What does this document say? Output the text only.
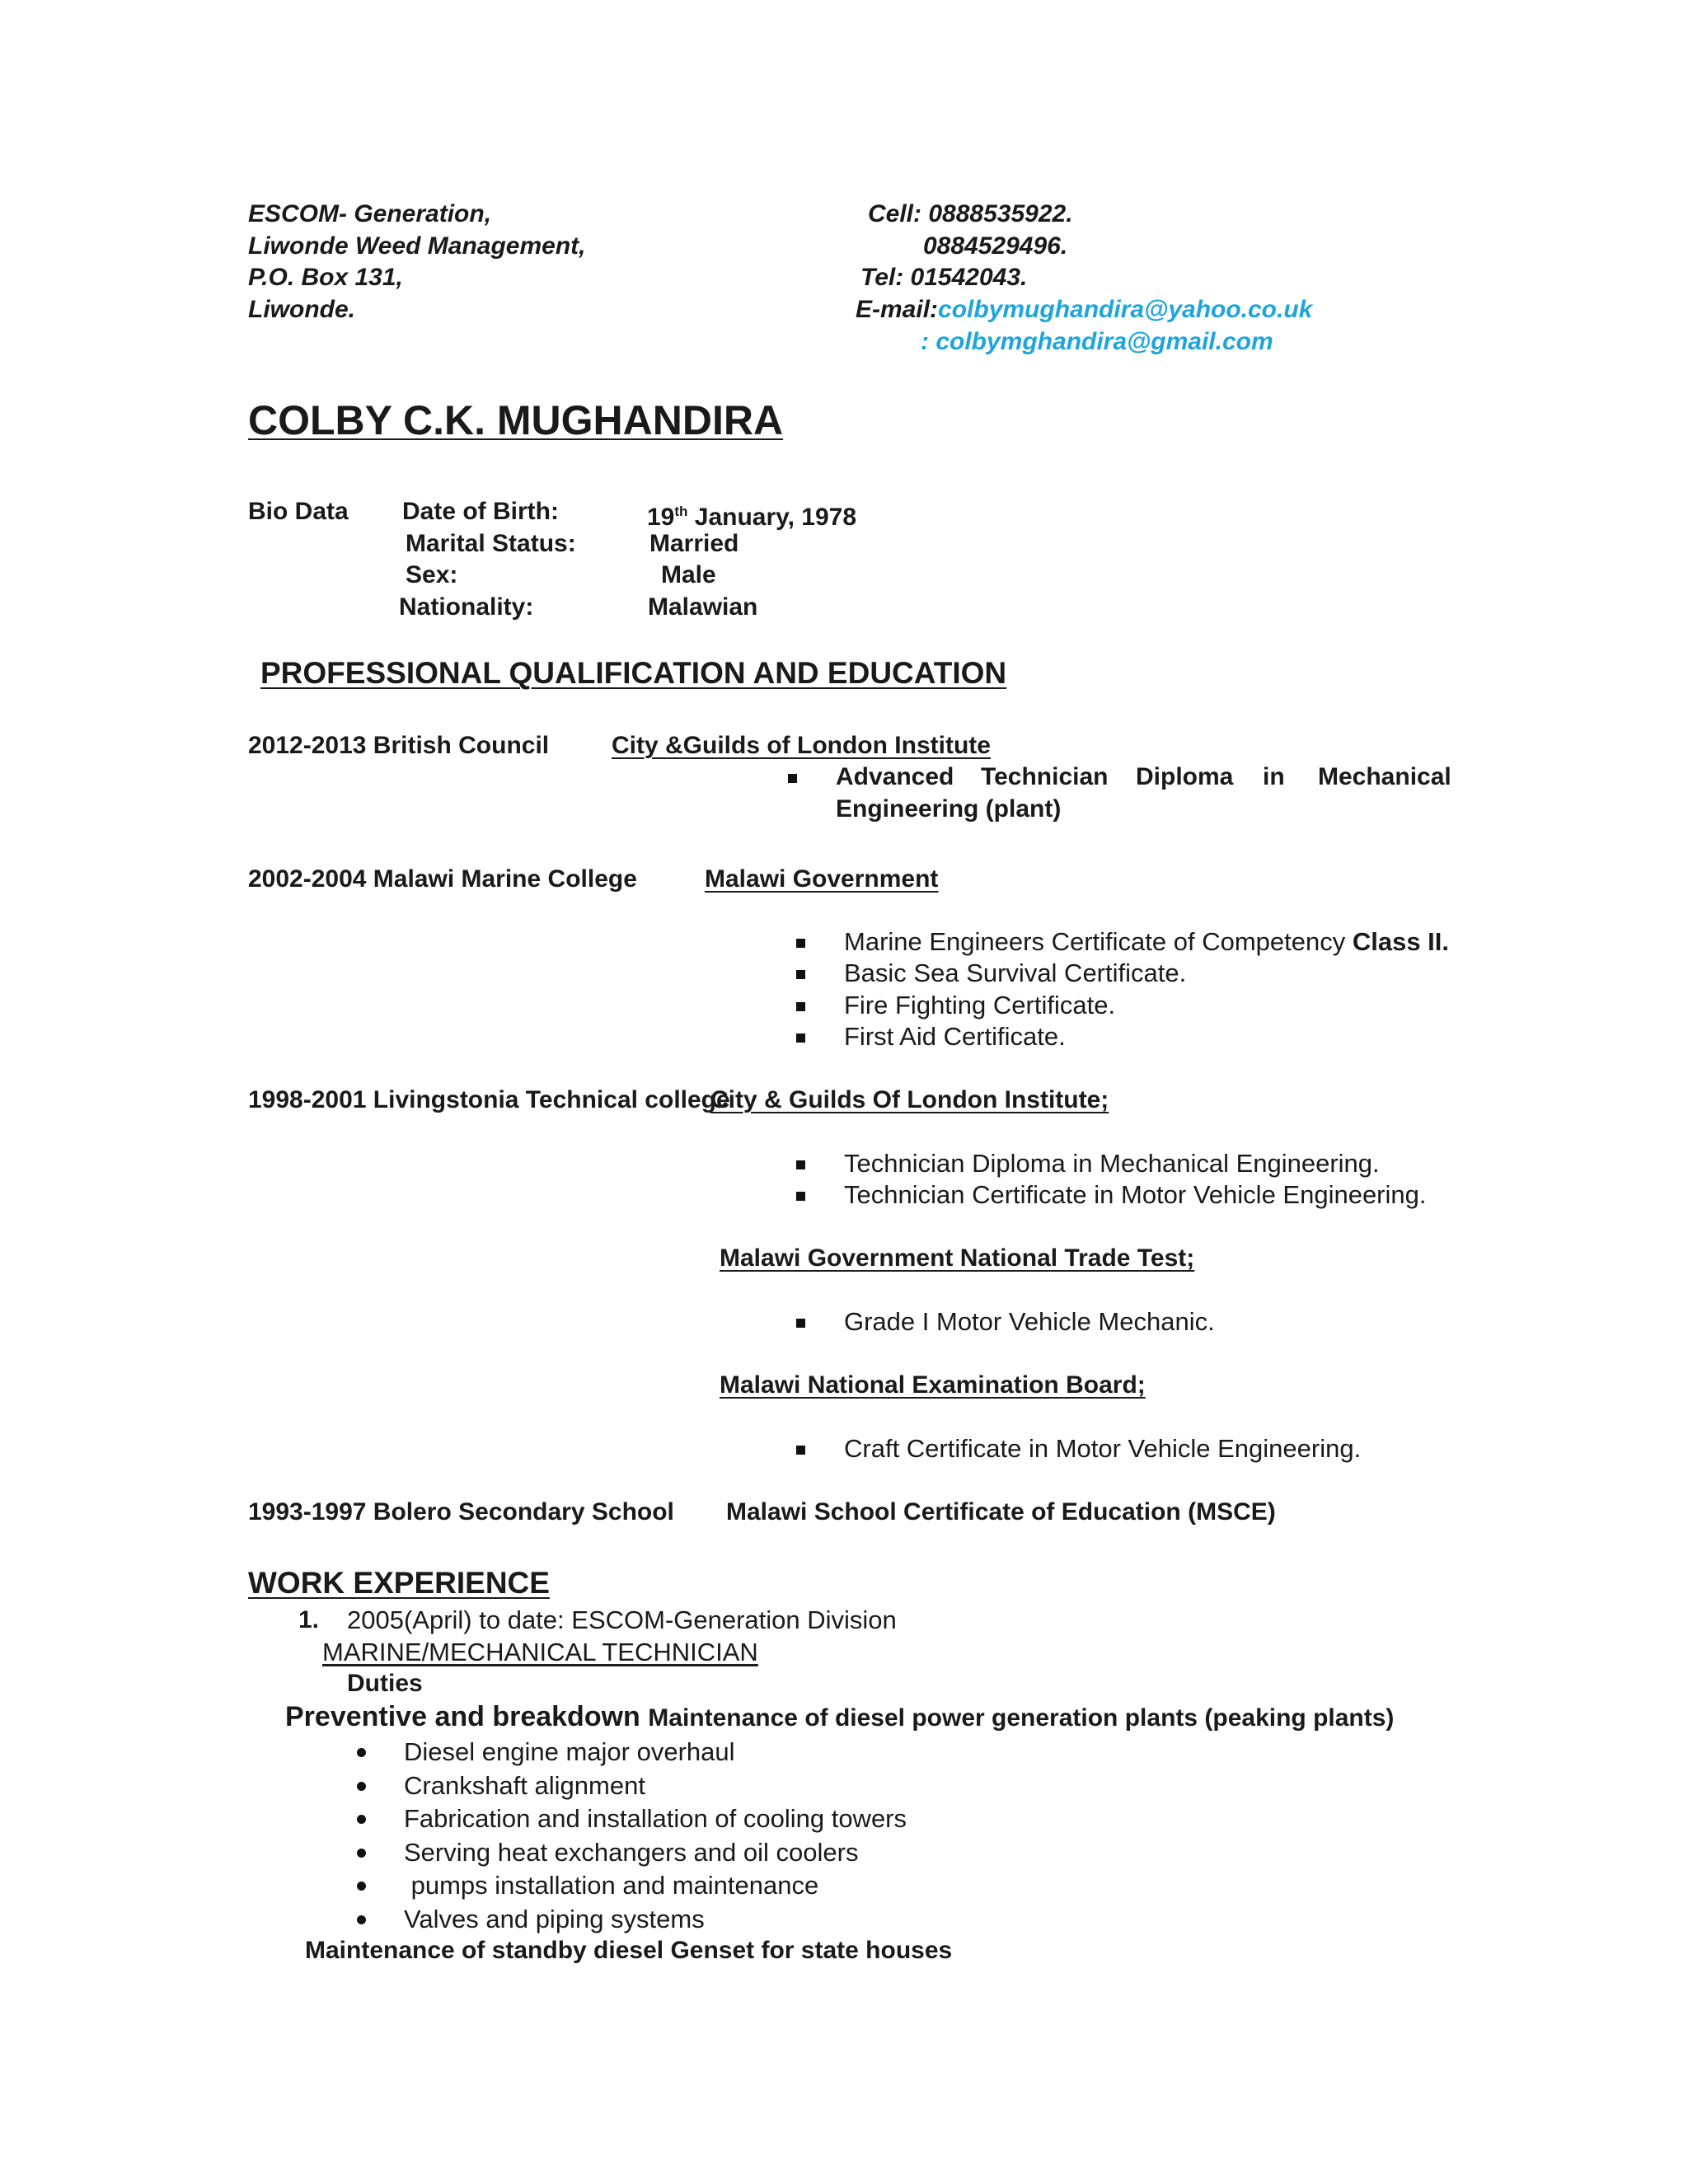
ESCOM- Generation,
Liwonde Weed Management,
P.O. Box 131,
Liwonde.
Cell: 0888535922.
0884529496.
Tel: 01542043.
E-mail:colbymughandira@yahoo.co.uk
: colbymghandira@gmail.com
COLBY C.K. MUGHANDIRA
Bio Data Date of Birth:	19th January, 1978
Marital Status:	Married
Sex:	Male
Nationality:	Malawian
PROFESSIONAL QUALIFICATION AND EDUCATION
2012-2013 British Council	City &Guilds of London Institute
Advanced Technician Diploma in Mechanical
Engineering (plant)
2002-2004 Malawi Marine College	Malawi Government
Marine Engineers Certificate of Competency Class II.
Basic Sea Survival Certificate.
Fire Fighting Certificate.
First Aid Certificate.
1998-2001 Livingstonia Technical college
City & Guilds Of London Institute;
Technician Diploma in Mechanical Engineering.
Technician Certificate in Motor Vehicle Engineering.
Malawi Government National Trade Test;
Grade I Motor Vehicle Mechanic.
Malawi National Examination Board;
Craft Certificate in Motor Vehicle Engineering.
1993-1997 Bolero Secondary School Malawi School Certificate of Education (MSCE)
WORK EXPERIENCE
1. 2005(April) to date: ESCOM-Generation Division
MARINE/MECHANICAL TECHNICIAN
Duties
Preventive and breakdown Maintenance of diesel power generation plants (peaking plants)
Diesel engine major overhaul
Crankshaft alignment
Fabrication and installation of cooling towers
Serving heat exchangers and oil coolers
pumps installation and maintenance
Valves and piping systems
Maintenance of standby diesel Genset for state houses
